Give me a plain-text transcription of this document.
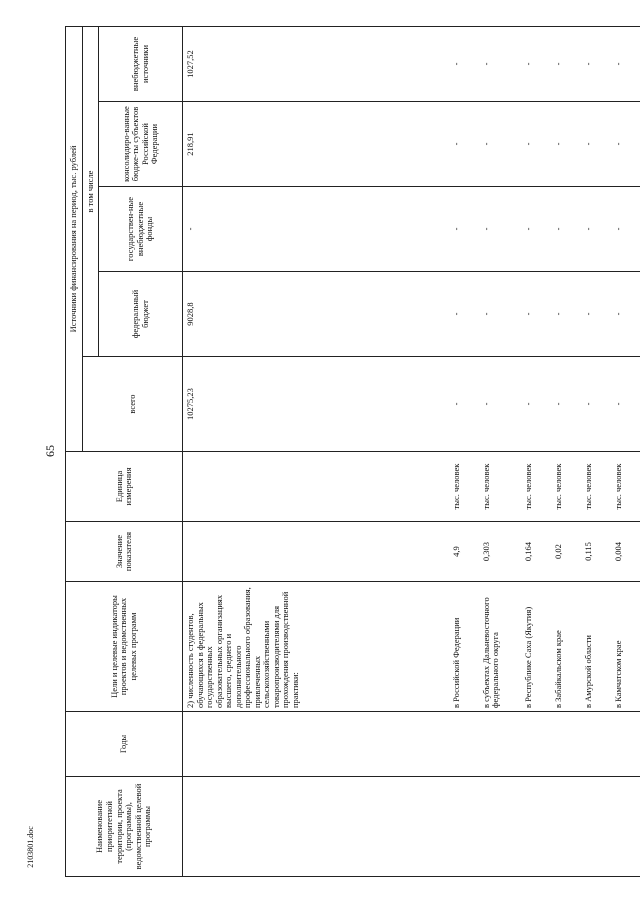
65
2103801.doc	Наименование приоритетной территории, проекта (программы), ведомственной целевой программы	Годы	Цели и целевые индикаторы проектов и ведомственных целевых программ	Значение показателя	Единица измерения	Источники финансирования на период, тыс. рублей				
					всего	в том числе			
						федеральный бюджет	государствен-ные внебюджетные фонды	консолидиро-ванные бюдже-ты субъектов Российской Федерации	внебюджетные источники
		2) численность студентов, обучающихся в федеральных государственных образовательных организациях высшего, среднего и дополнительного профессионального образования, привлеченных сельскохозяйственными товаропроизводителями для прохождения производственной практики:			10275,23	9028,8	-	218,91	1027,52
		в Российской Федерации	4,9	тыс. человек	-	-	-	-	-
		в субъектах Дальневосточного федерального округа	0,303	тыс. человек	-	-	-	-	-
		в Республике Саха (Якутия)	0,164	тыс. человек	-	-	-	-	-
		в Забайкальском крае	0,02	тыс. человек	-	-	-	-	-
		в Амурской области	0,115	тыс. человек	-	-	-	-	-
		в Камчатском крае	0,004	тыс. человек	-	-	-	-	-
